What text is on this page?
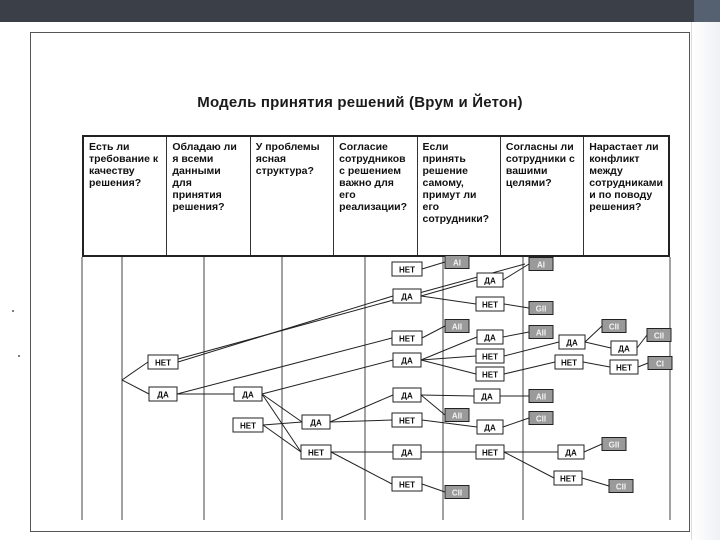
Модель принятия решений (Врум и Йетон)
Есть ли
требование к
качеству
решения?
Обладаю ли
я всеми
данными
для
принятия
решения?
У проблемы
ясная
структура?
Согласие
сотрудников
с решением
важно для
его
реализации?
Если
принять
решение
самому,
примут ли
его
сотрудники?
Согласны ли
сотрудники с
вашими
целями?
Нарастает ли
конфликт
между
сотрудниками
и по поводу
решения?
НЕТ
ДА	ДА
НЕТ	ДА
НЕТ
НЕТ
ДА
НЕТ
ДА
ДА
НЕТ
ДА
НЕТ
AI
AII
AII
CII
ДА
НЕТ
ДА
НЕТ
НЕТ
ДА
ДА
НЕТ
AI
GII
AII
AII
CII
ДА
НЕТ
ДА
НЕТ
CII
CII
ДА
НЕТ	CI
GII
CII
